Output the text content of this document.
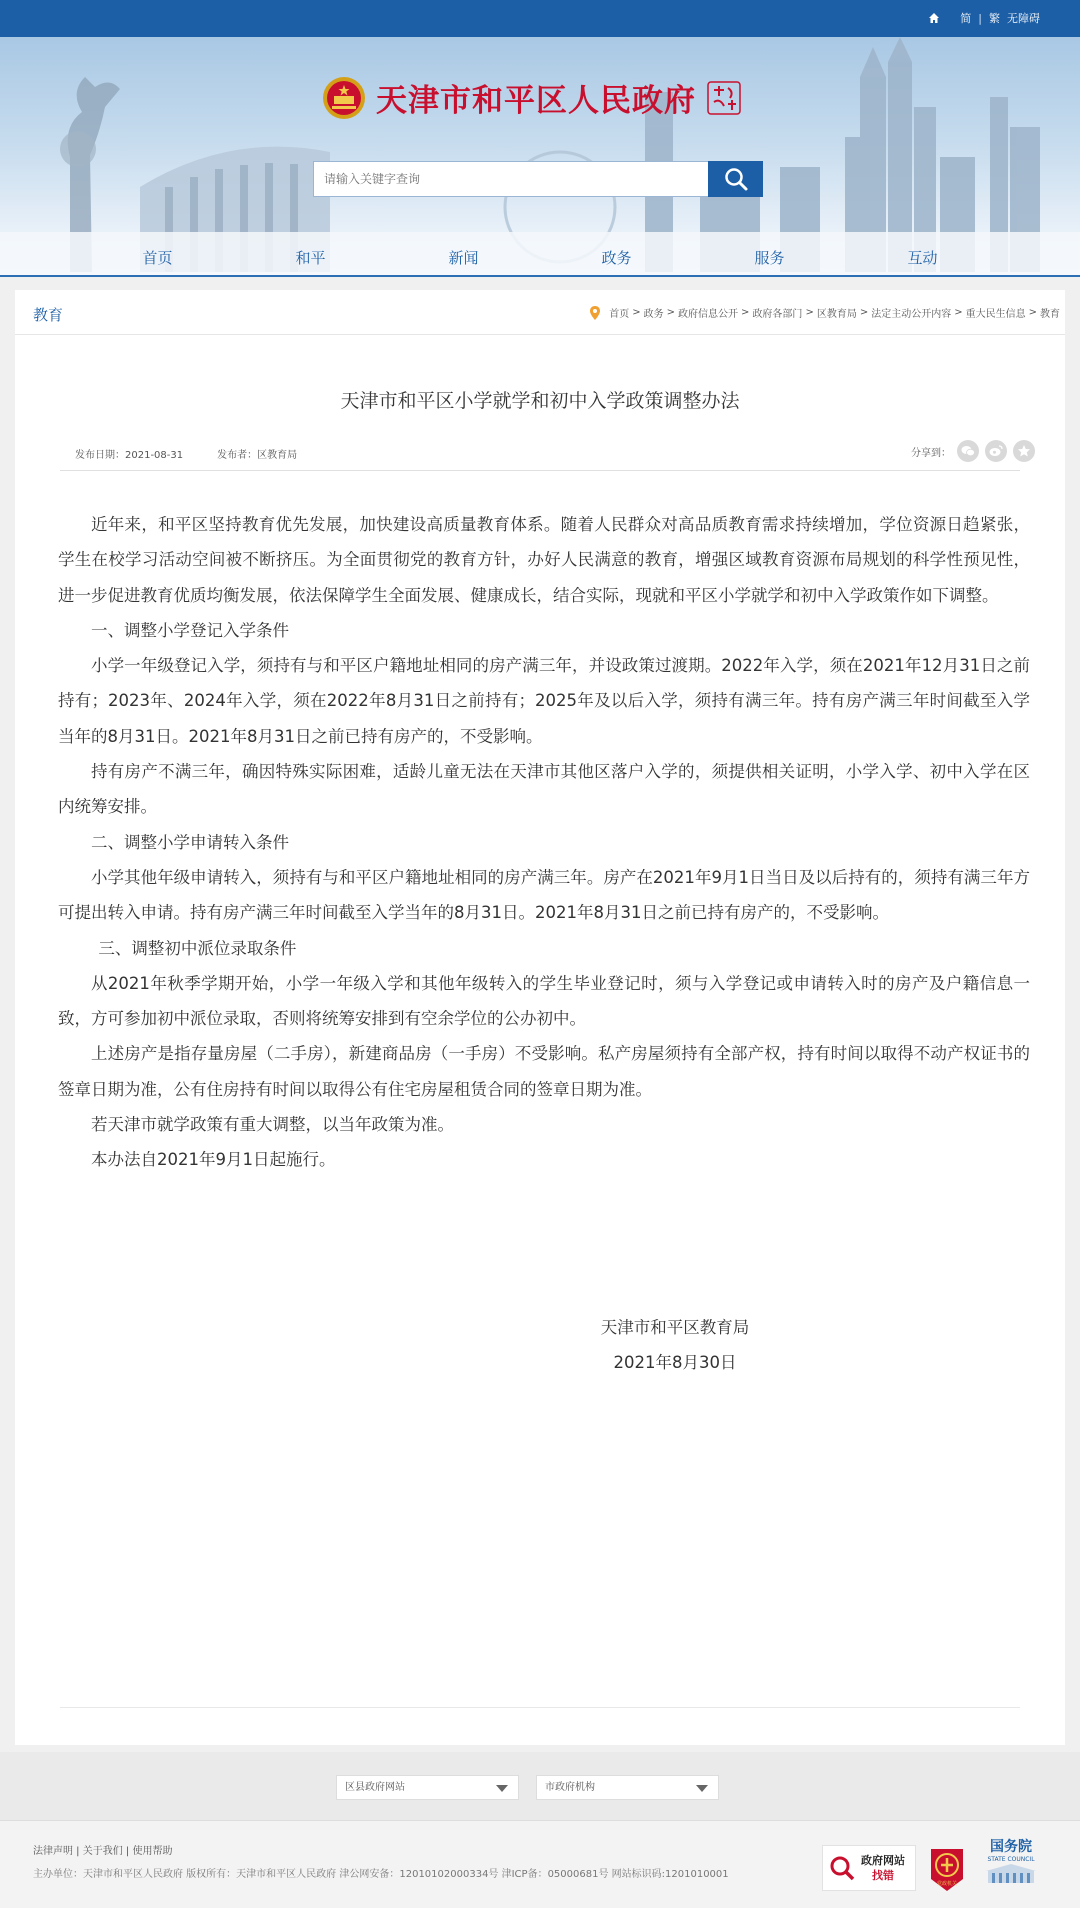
简 | 繁 无障碍
天津市和平区人民政府
请输入关键字查询
首页	和平	新闻	政务	服务	互动
教育	首页 > 政务 > 政府信息公开 > 政府各部门 > 区教育局 > 法定主动公开内容 > 重大民生信息 > 教育
天津市和平区小学就学和初中入学政策调整办法
发布日期：2021-08-31	发布者：区教育局	分享到：

近年来，和平区坚持教育优先发展，加快建设高质量教育体系。随着人民群众对高品质教育需求持续增加，学位资源日趋紧张，学生在校学习活动空间被不断挤压。为全面贯彻党的教育方针，办好人民满意的教育，增强区域教育资源布局规划的科学性预见性，进一步促进教育优质均衡发展，依法保障学生全面发展、健康成长，结合实际，现就和平区小学就学和初中入学政策作如下调整。

一、调整小学登记入学条件

小学一年级登记入学，须持有与和平区户籍地址相同的房产满三年，并设政策过渡期。2022年入学，须在2021年12月31日之前持有；2023年、2024年入学，须在2022年8月31日之前持有；2025年及以后入学，须持有满三年。持有房产满三年时间截至入学当年的8月31日。2021年8月31日之前已持有房产的，不受影响。

持有房产不满三年，确因特殊实际困难，适龄儿童无法在天津市其他区落户入学的，须提供相关证明，小学入学、初中入学在区内统筹安排。

二、调整小学申请转入条件

小学其他年级申请转入，须持有与和平区户籍地址相同的房产满三年。房产在2021年9月1日当日及以后持有的，须持有满三年方可提出转入申请。持有房产满三年时间截至入学当年的8月31日。2021年8月31日之前已持有房产的，不受影响。

三、调整初中派位录取条件

从2021年秋季学期开始，小学一年级入学和其他年级转入的学生毕业登记时，须与入学登记或申请转入时的房产及户籍信息一致，方可参加初中派位录取，否则将统筹安排到有空余学位的公办初中。

上述房产是指存量房屋（二手房），新建商品房（一手房）不受影响。私产房屋须持有全部产权，持有时间以取得不动产权证书的签章日期为准，公有住房持有时间以取得公有住宅房屋租赁合同的签章日期为准。

若天津市就学政策有重大调整，以当年政策为准。

本办法自2021年9月1日起施行。

天津市和平区教育局
2021年8月30日
区县政府网站	市政府机构
法律声明 | 关于我们 | 使用帮助
主办单位：天津市和平区人民政府 版权所有：天津市和平区人民政府 津公网安备：12010102000334号 津ICP备：05000681号 网站标识码:1201010001
政府网站
找错
党政机关
国务院
STATE COUNCIL
